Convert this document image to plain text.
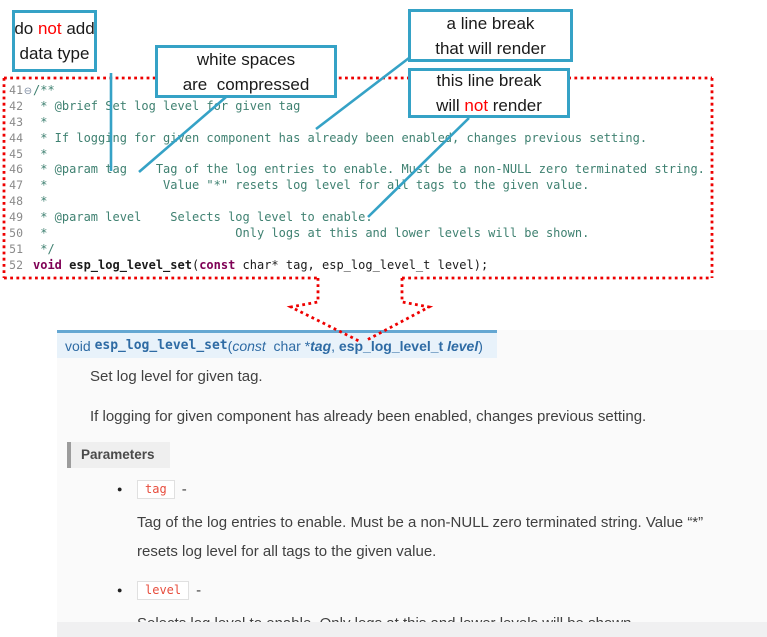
41 ⊖ /**
42 * @brief Set log level for given tag
43 *
44 * If logging for given component has already been enabled, changes previous setting.
45 *
46 * @param tag    Tag of the log entries to enable. Must be a non-NULL zero terminated string.
47 *                Value "*" resets log level for all tags to the given value.
48 *
49 * @param level    Selects log level to enable.
50 *                          Only logs at this and lower levels will be shown.
51 */
52 void esp_log_level_set(const char* tag, esp_log_level_t level);
do not add
data type	white spaces
are  compressed
a line break
that will render
this line break
will not render
void esp_log_level_set ( const char * tag , esp_log_level_t level )
Set log level for given tag.
If logging for given component has already been enabled, changes previous setting.
Parameters
●	tag	-
Tag of the log entries to enable. Must be a non-NULL zero terminated string. Value “*”
resets log level for all tags to the given value.
●	level	-
